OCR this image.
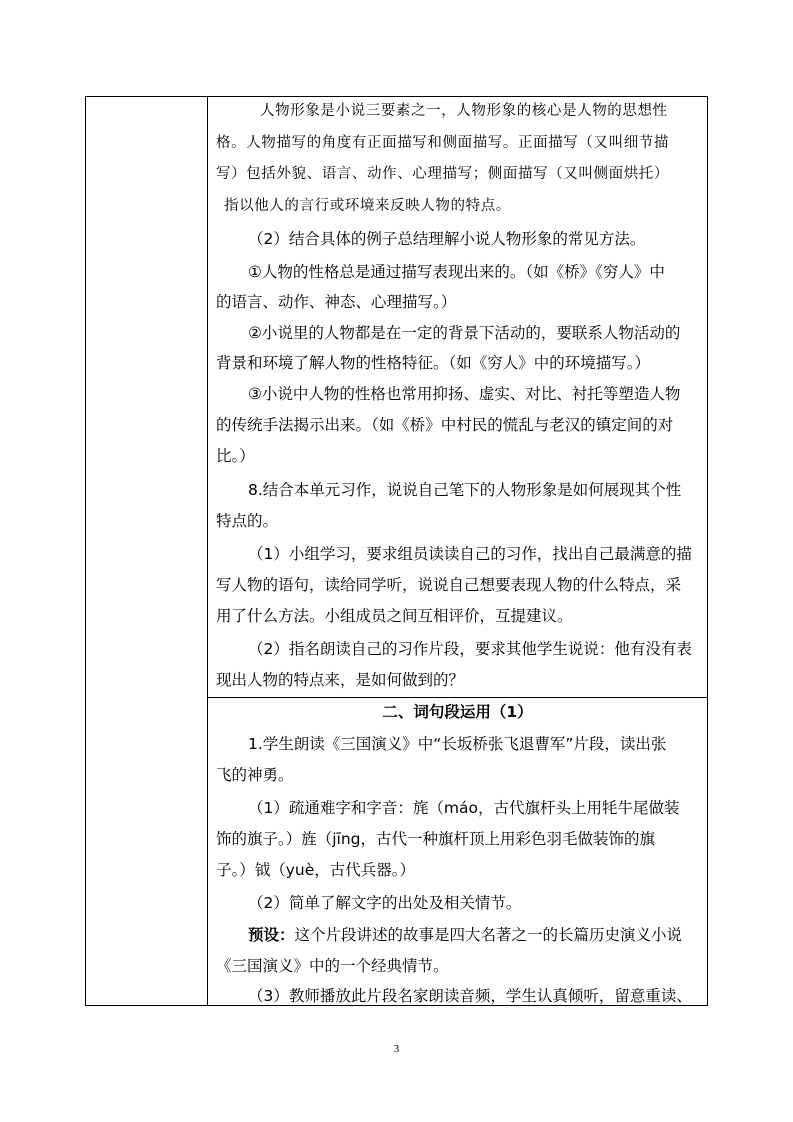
人物形象是小说三要素之一，人物形象的核心是人物的思想性
格。人物描写的角度有正面描写和侧面描写。正面描写（又叫细节描
写）包括外貌、语言、动作、心理描写；侧面描写（又叫侧面烘托）
指以他人的言行或环境来反映人物的特点。
（2）结合具体的例子总结理解小说人物形象的常见方法。
①人物的性格总是通过描写表现出来的。（如《桥》《穷人》中
的语言、动作、神态、心理描写。）
②小说里的人物都是在一定的背景下活动的，要联系人物活动的
背景和环境了解人物的性格特征。（如《穷人》中的环境描写。）
③小说中人物的性格也常用抑扬、虚实、对比、衬托等塑造人物
的传统手法揭示出来。（如《桥》中村民的慌乱与老汉的镇定间的对
比。）
8.结合本单元习作，说说自己笔下的人物形象是如何展现其个性
特点的。
（1）小组学习，要求组员读读自己的习作，找出自己最满意的描
写人物的语句，读给同学听，说说自己想要表现人物的什么特点，采
用了什么方法。小组成员之间互相评价，互提建议。
（2）指名朗读自己的习作片段，要求其他学生说说：他有没有表
现出人物的特点来，是如何做到的？
二、词句段运用（1）
1.学生朗读《三国演义》中“长坂桥张飞退曹军”片段，读出张
飞的神勇。
（1）疏通难字和字音：旄（máo，古代旗杆头上用牦牛尾做装
饰的旗子。）旌（jīng，古代一种旗杆顶上用彩色羽毛做装饰的旗
子。）钺（yuè，古代兵器。）
（2）简单了解文字的出处及相关情节。
预设：这个片段讲述的故事是四大名著之一的长篇历史演义小说
《三国演义》中的一个经典情节。
（3）教师播放此片段名家朗读音频，学生认真倾听，留意重读、
3
